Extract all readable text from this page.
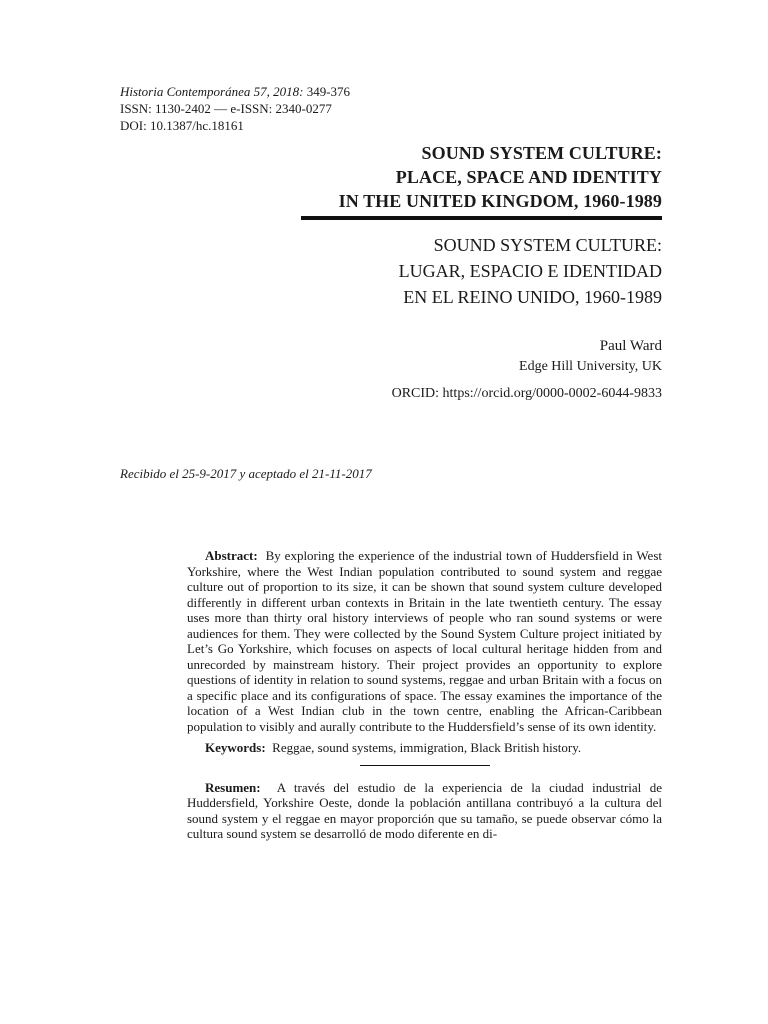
Historia Contemporánea 57, 2018: 349-376
ISSN: 1130-2402 — e-ISSN: 2340-0277
DOI: 10.1387/hc.18161
SOUND SYSTEM CULTURE:
PLACE, SPACE AND IDENTITY
IN THE UNITED KINGDOM, 1960-1989
SOUND SYSTEM CULTURE:
LUGAR, ESPACIO E IDENTIDAD
EN EL REINO UNIDO, 1960-1989
Paul Ward
Edge Hill University, UK
ORCID: https://orcid.org/0000-0002-6044-9833
Recibido el 25-9-2017 y aceptado el 21-11-2017

Abstract: By exploring the experience of the industrial town of Huddersfield in West Yorkshire, where the West Indian population contributed to sound system and reggae culture out of proportion to its size, it can be shown that sound system culture developed differently in different urban contexts in Britain in the late twentieth century. The essay uses more than thirty oral history interviews of people who ran sound systems or were audiences for them. They were collected by the Sound System Culture project initiated by Let’s Go Yorkshire, which focuses on aspects of local cultural heritage hidden from and unrecorded by mainstream history. Their project provides an opportunity to explore questions of identity in relation to sound systems, reggae and urban Britain with a focus on a specific place and its configurations of space. The essay examines the importance of the location of a West Indian club in the town centre, enabling the African-Caribbean population to visibly and aurally contribute to the Huddersfield’s sense of its own identity.

Keywords: Reggae, sound systems, immigration, Black British history.

Resumen: A través del estudio de la experiencia de la ciudad industrial de Huddersfield, Yorkshire Oeste, donde la población antillana contribuyó a la cultura del sound system y el reggae en mayor proporción que su tamaño, se puede observar cómo la cultura sound system se desarrolló de modo diferente en di-
